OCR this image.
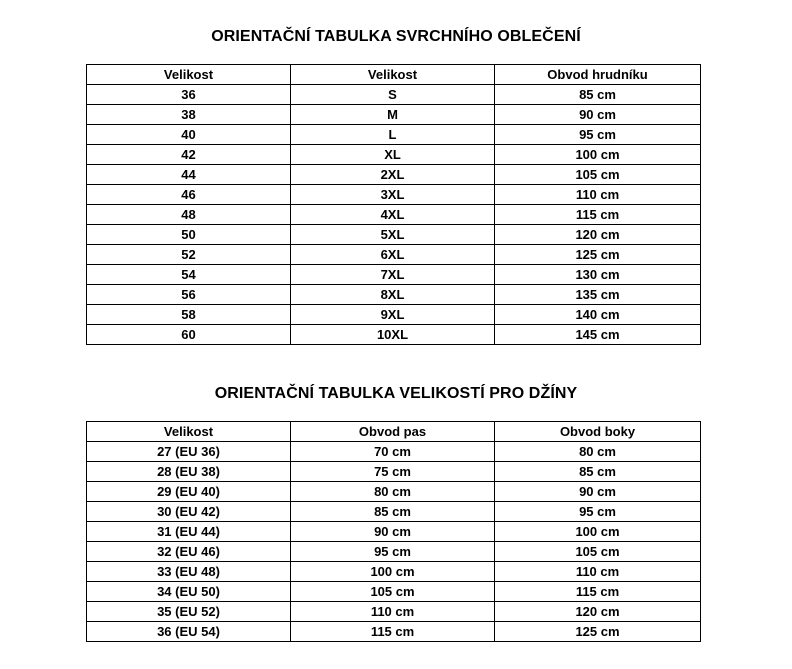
ORIENTAČNÍ TABULKA SVRCHNÍHO OBLEČENÍ
Velikost	Velikost	Obvod hrudníku
36	S	85 cm
38	M	90 cm
40	L	95 cm
42	XL	100 cm
44	2XL	105 cm
46	3XL	110 cm
48	4XL	115 cm
50	5XL	120 cm
52	6XL	125 cm
54	7XL	130 cm
56	8XL	135 cm
58	9XL	140 cm
60	10XL	145 cm
ORIENTAČNÍ TABULKA VELIKOSTÍ PRO DŽÍNY
Velikost	Obvod pas	Obvod boky
27 (EU 36)	70 cm	80 cm
28 (EU 38)	75 cm	85 cm
29 (EU 40)	80 cm	90 cm
30 (EU 42)	85 cm	95 cm
31 (EU 44)	90 cm	100 cm
32 (EU 46)	95 cm	105 cm
33 (EU 48)	100 cm	110 cm
34 (EU 50)	105 cm	115 cm
35 (EU 52)	110 cm	120 cm
36 (EU 54)	115 cm	125 cm
